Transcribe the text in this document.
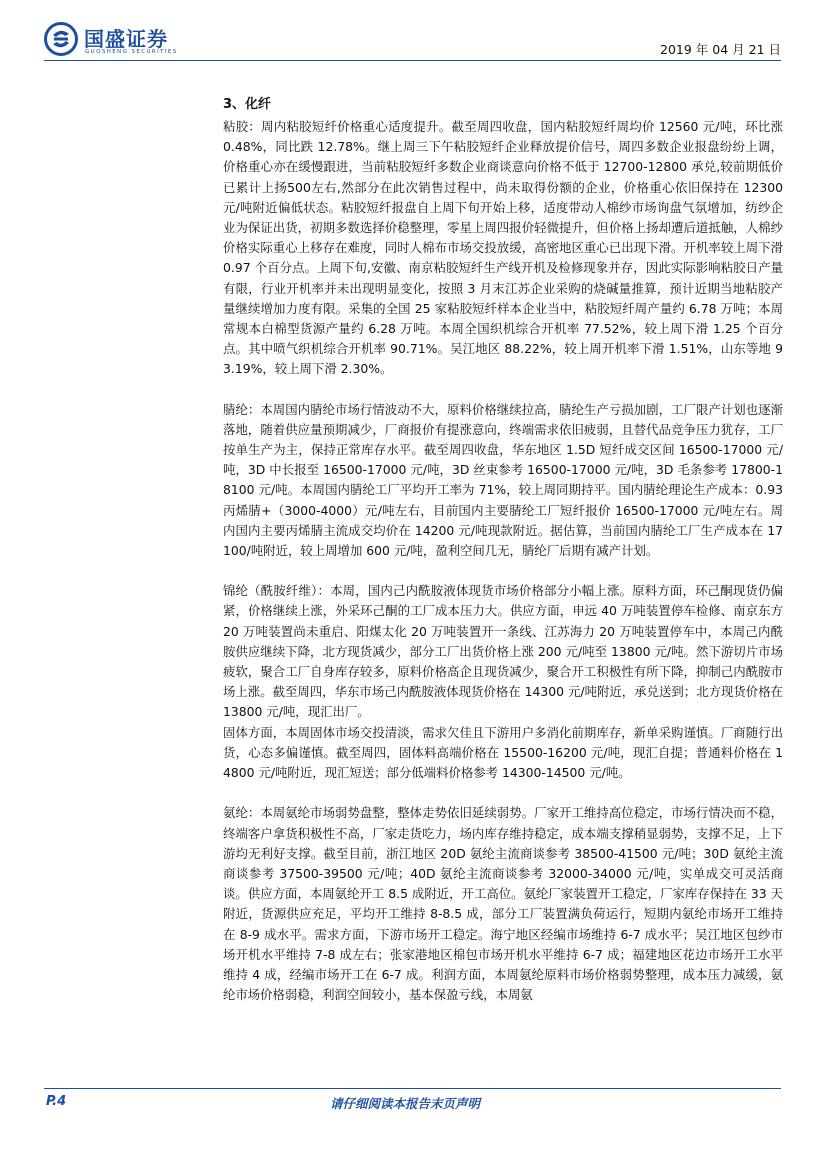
国盛证券
GUOSHENG SECURITIES	2019 年 04 月 21 日
3、化纤

粘胶：周内粘胶短纤价格重心适度提升。截至周四收盘，国内粘胶短纤周均价 12560 元/吨，环比涨 0.48%，同比跌 12.78%。继上周三下午粘胶短纤企业释放提价信号，周四多数企业报盘纷纷上调，价格重心亦在缓慢跟进，当前粘胶短纤多数企业商谈意向价格不低于 12700-12800 承兑,较前期低价已累计上扬500左右,然部分在此次销售过程中，尚未取得份额的企业，价格重心依旧保持在 12300 元/吨附近偏低状态。粘胶短纤报盘自上周下旬开始上移，适度带动人棉纱市场询盘气氛增加，纺纱企业为保证出货，初期多数选择价稳整理，零星上周四报价轻微提升，但价格上扬却遭后道抵触，人棉纱价格实际重心上移存在难度，同时人棉布市场交投放缓，高密地区重心已出现下滑。开机率较上周下滑 0.97 个百分点。上周下旬,安徽、南京粘胶短纤生产线开机及检修现象并存，因此实际影响粘胶日产量有限，行业开机率并未出现明显变化，按照 3 月末江苏企业采购的烧碱量推算，预计近期当地粘胶产量继续增加力度有限。采集的全国 25 家粘胶短纤样本企业当中，粘胶短纤周产量约 6.78 万吨；本周常规本白棉型货源产量约 6.28 万吨。本周全国织机综合开机率 77.52%，较上周下滑 1.25 个百分点。其中喷气织机综合开机率 90.71%。吴江地区 88.22%，较上周开机率下滑 1.51%，山东等地 93.19%，较上周下滑 2.30%。

腈纶：本周国内腈纶市场行情波动不大，原料价格继续拉高，腈纶生产亏损加剧，工厂限产计划也逐渐落地，随着供应量预期减少，厂商报价有提涨意向，终端需求依旧疲弱，且替代品竞争压力犹存，工厂按单生产为主，保持正常库存水平。截至周四收盘，华东地区 1.5D 短纤成交区间 16500-17000 元/吨，3D 中长报至 16500-17000 元/吨，3D 丝束参考 16500-17000 元/吨，3D 毛条参考 17800-18100 元/吨。本周国内腈纶工厂平均开工率为 71%，较上周同期持平。国内腈纶理论生产成本：0.93 丙烯腈+（3000-4000）元/吨左右，目前国内主要腈纶工厂短纤报价 16500-17000 元/吨左右。周内国内主要丙烯腈主流成交均价在 14200 元/吨现款附近。据估算，当前国内腈纶工厂生产成本在 17100/吨附近，较上周增加 600 元/吨，盈利空间几无，腈纶厂后期有减产计划。

锦纶（酰胺纤维）：本周，国内己内酰胺液体现货市场价格部分小幅上涨。原料方面，环己酮现货仍偏紧，价格继续上涨，外采环己酮的工厂成本压力大。供应方面，申远 40 万吨装置停车检修、南京东方 20 万吨装置尚未重启、阳煤太化 20 万吨装置开一条线、江苏海力 20 万吨装置停车中，本周己内酰胺供应继续下降，北方现货减少，部分工厂出货价格上涨 200 元/吨至 13800 元/吨。然下游切片市场疲软，聚合工厂自身库存较多，原料价格高企且现货减少，聚合开工积极性有所下降，抑制己内酰胺市场上涨。截至周四，华东市场己内酰胺液体现货价格在 14300 元/吨附近，承兑送到；北方现货价格在 13800 元/吨，现汇出厂。

固体方面，本周固体市场交投清淡，需求欠佳且下游用户多消化前期库存，新单采购谨慎。厂商随行出货，心态多偏谨慎。截至周四，固体料高端价格在 15500-16200 元/吨，现汇自提；普通料价格在 14800 元/吨附近，现汇短送；部分低端料价格参考 14300-14500 元/吨。

氨纶：本周氨纶市场弱势盘整，整体走势依旧延续弱势。厂家开工维持高位稳定，市场行情决而不稳，终端客户拿货积极性不高，厂家走货吃力，场内库存维持稳定，成本端支撑稍显弱势，支撑不足，上下游均无利好支撑。截至目前，浙江地区 20D 氨纶主流商谈参考 38500-41500 元/吨；30D 氨纶主流商谈参考 37500-39500 元/吨；40D 氨纶主流商谈参考 32000-34000 元/吨，实单成交可灵活商谈。供应方面，本周氨纶开工 8.5 成附近，开工高位。氨纶厂家装置开工稳定，厂家库存保持在 33 天附近，货源供应充足，平均开工维持 8-8.5 成，部分工厂装置满负荷运行，短期内氨纶市场开工维持在 8-9 成水平。需求方面，下游市场开工稳定。海宁地区经编市场维持 6-7 成水平；吴江地区包纱市场开机水平维持 7-8 成左右；张家港地区棉包市场开机水平维持 6-7 成；福建地区花边市场开工水平维持 4 成，经编市场开工在 6-7 成。利润方面，本周氨纶原料市场价格弱势整理，成本压力减缓，氨纶市场价格弱稳，利润空间较小，基本保盈亏线，本周氨

P.4	请仔细阅读本报告末页声明
